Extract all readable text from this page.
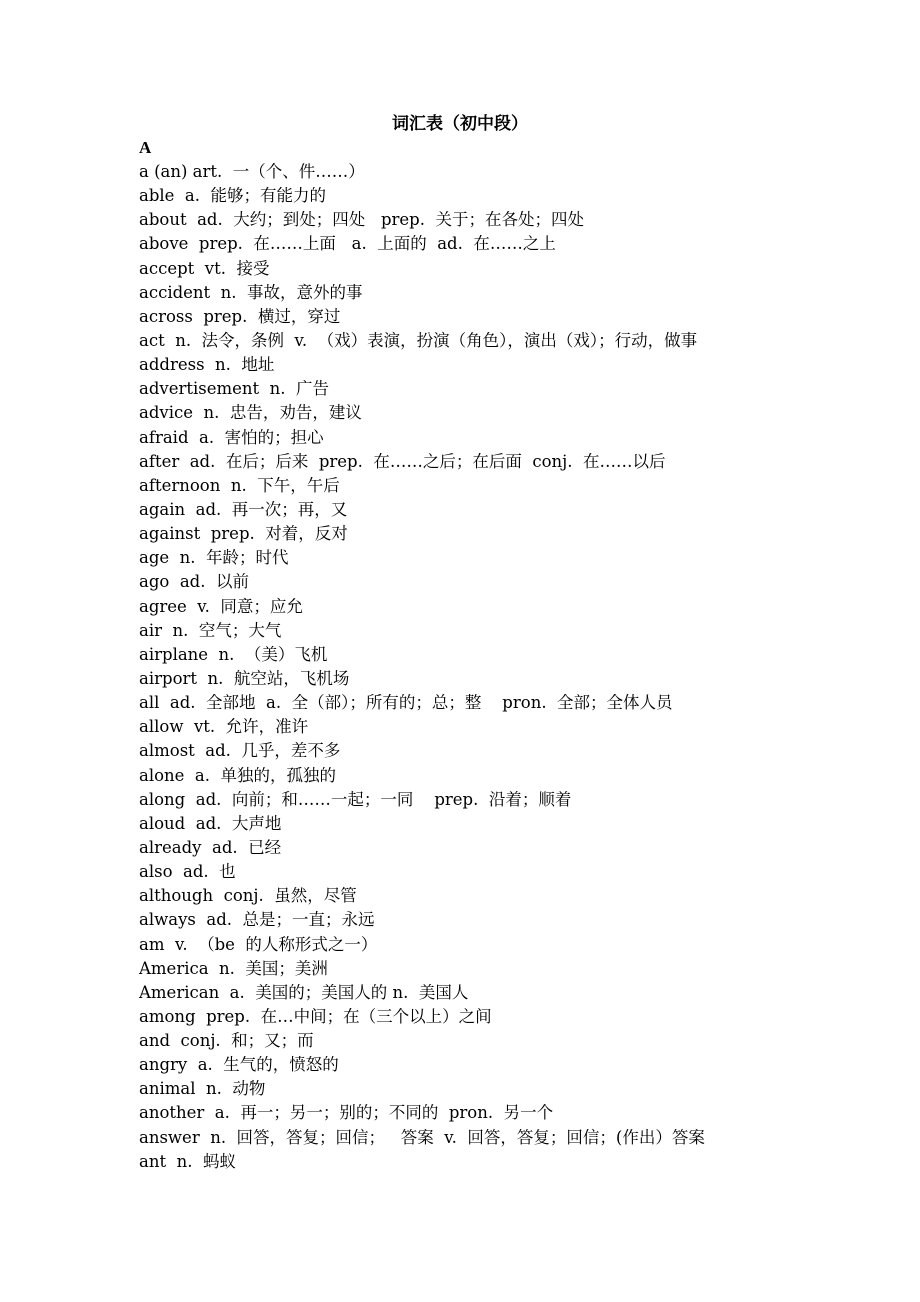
词汇表（初中段）
A
a (an) art.  一（个、件……）
able  a.  能够；有能力的
about  ad.  大约；到处；四处   prep.  关于；在各处；四处
above  prep.  在……上面   a.  上面的  ad.  在……之上
accept  vt.  接受
accident  n.  事故，意外的事
across  prep.  横过，穿过
act  n.  法令，条例  v.  （戏）表演，扮演（角色），演出（戏）；行动，做事
address  n.  地址
advertisement  n.  广告
advice  n.  忠告，劝告，建议
afraid  a.  害怕的；担心
after  ad.  在后；后来  prep.  在……之后；在后面  conj.  在……以后
afternoon  n.  下午，午后
again  ad.  再一次；再，又
against  prep.  对着，反对
age  n.  年龄；时代
ago  ad.  以前
agree  v.  同意；应允
air  n.  空气；大气
airplane  n.  （美）飞机
airport  n.  航空站，飞机场
all  ad.  全部地  a.  全（部）；所有的；总；整    pron.  全部；全体人员
allow  vt.  允许，准许
almost  ad.  几乎，差不多
alone  a.  单独的，孤独的
along  ad.  向前；和……一起；一同    prep.  沿着；顺着
aloud  ad.  大声地
already  ad.  已经
also  ad.  也
although  conj.  虽然，尽管
always  ad.  总是；一直；永远
am  v.  （be  的人称形式之一）
America  n.  美国；美洲
American  a.  美国的；美国人的 n.  美国人
among  prep.  在…中间；在（三个以上）之间
and  conj.  和；又；而
angry  a.  生气的，愤怒的
animal  n.  动物
another  a.  再一；另一；别的；不同的  pron.  另一个
answer  n.  回答，答复；回信；   答案  v.  回答，答复；回信；(作出）答案
ant  n.  蚂蚁
